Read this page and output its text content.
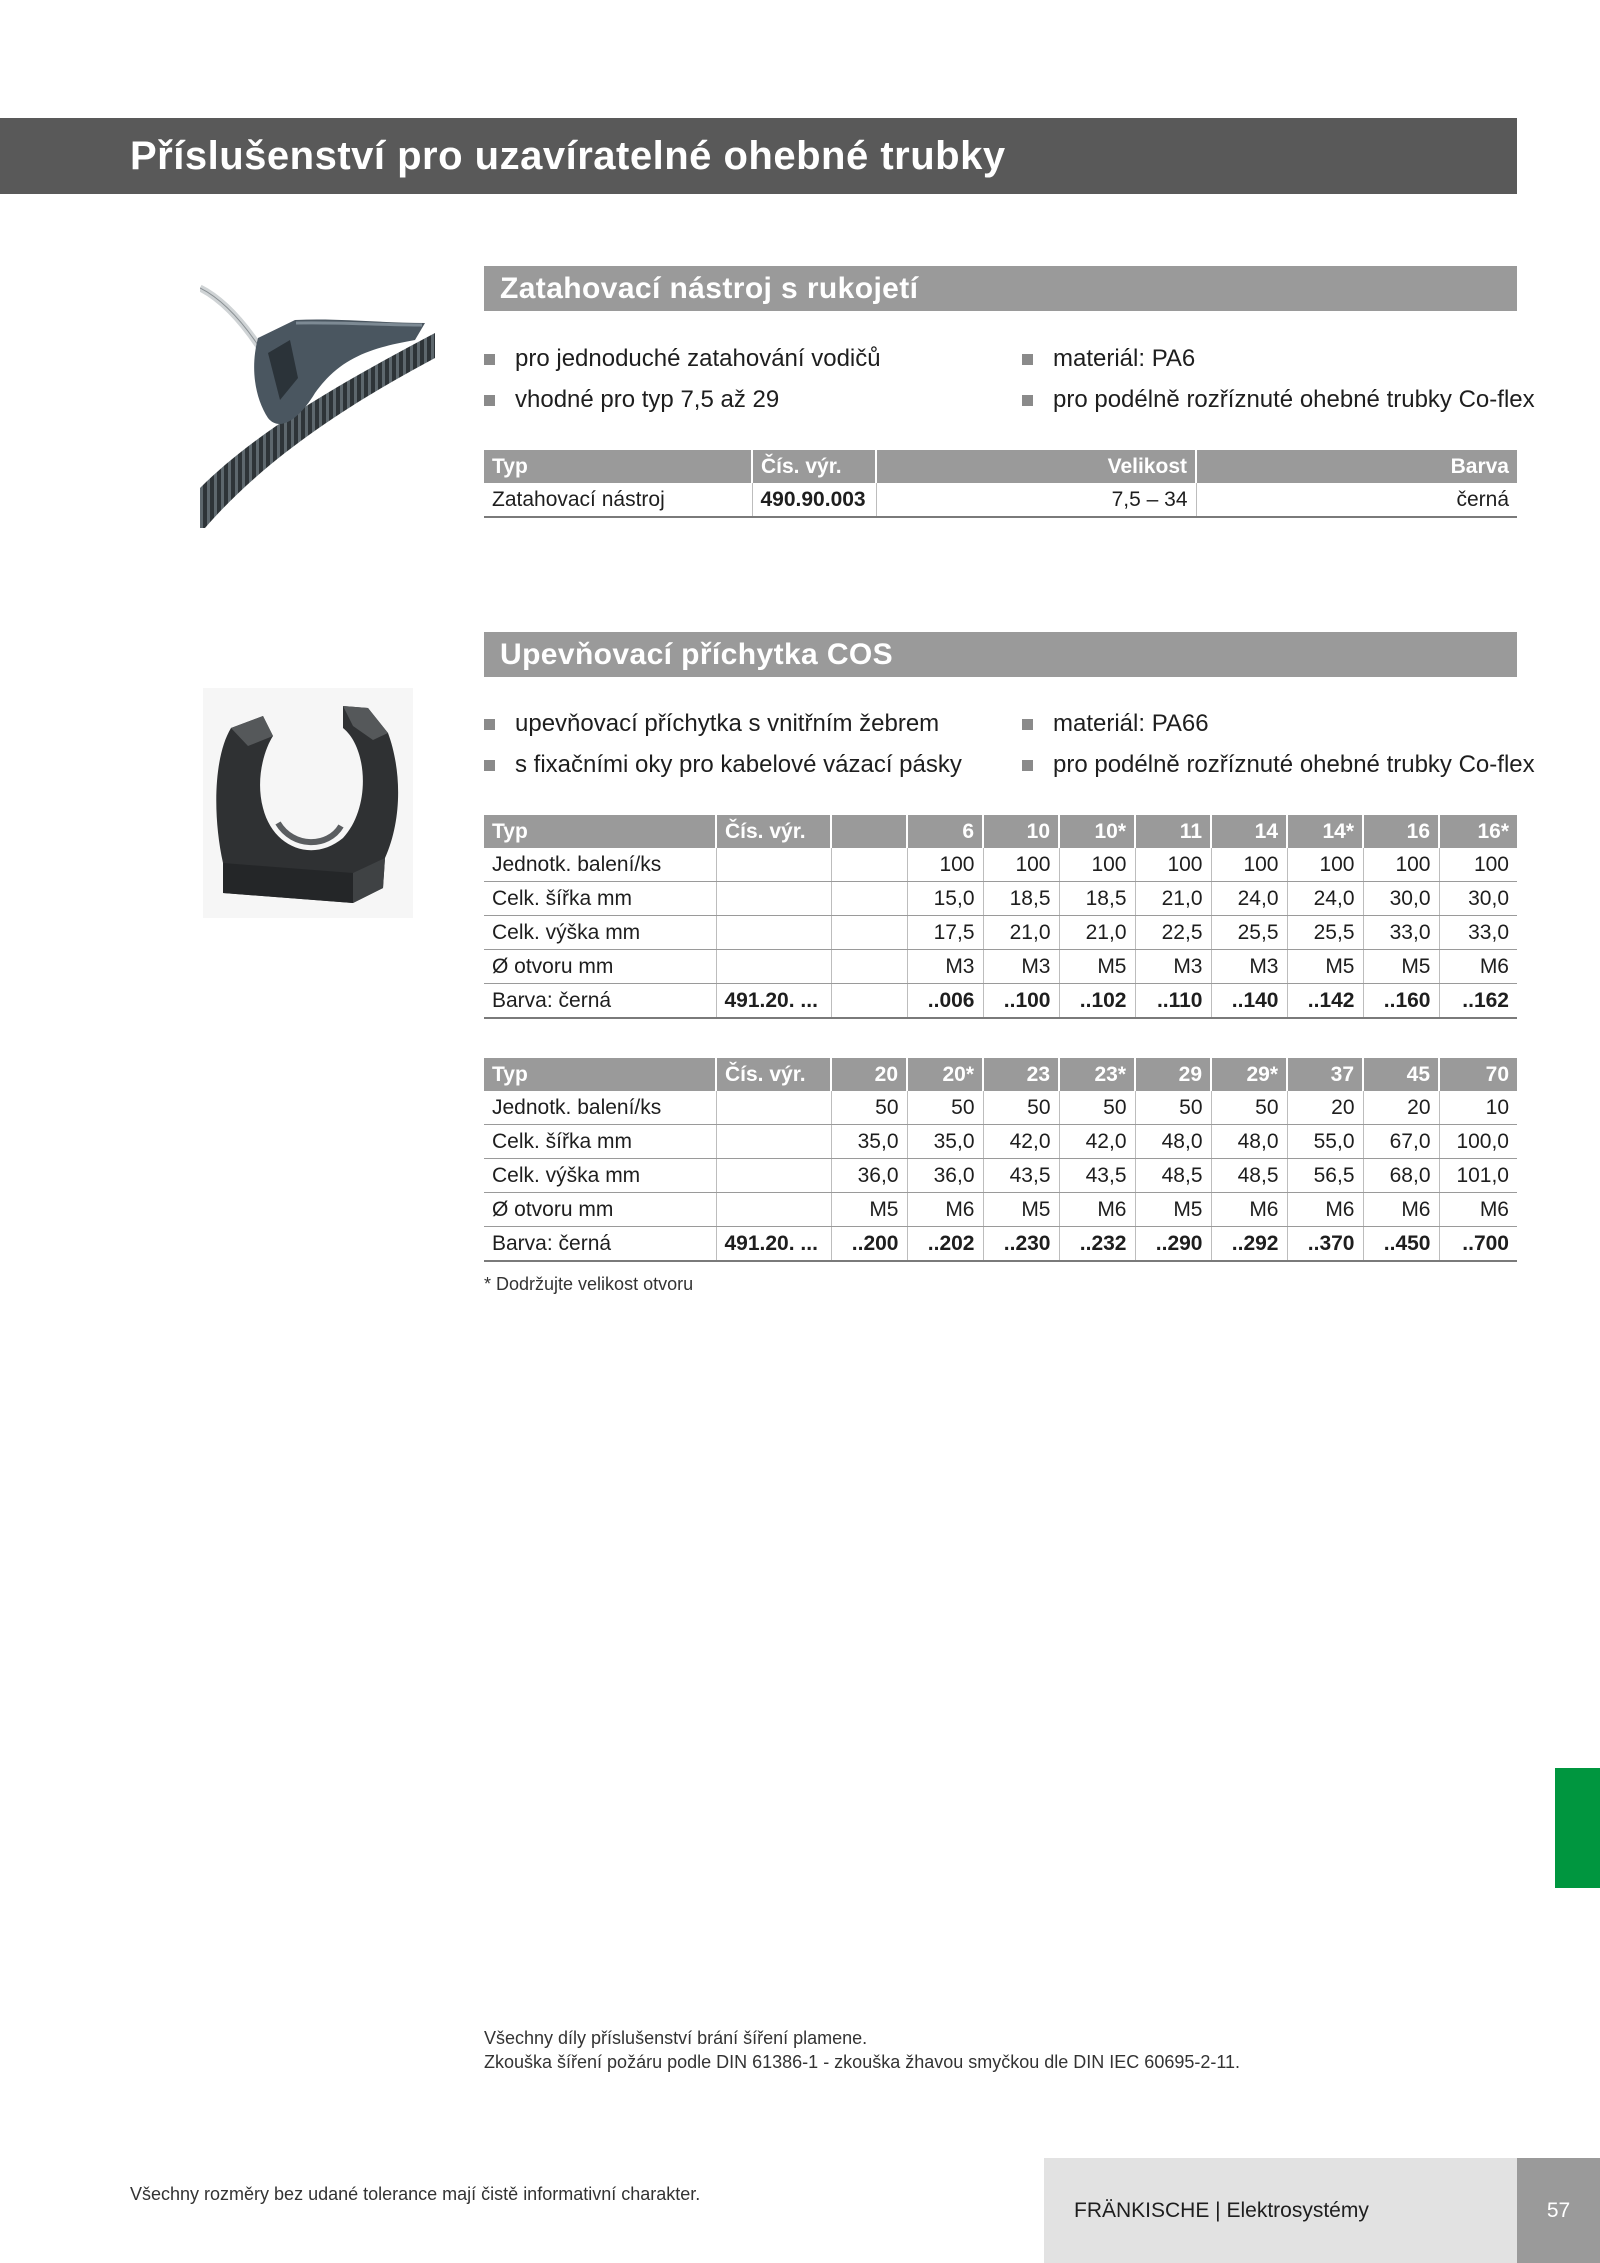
Příslušenství pro uzavíratelné ohebné trubky
Zatahovací nástroj s rukojetí
pro jednoduché zatahování vodičů
vhodné pro typ 7,5 až 29
materiál: PA6
pro podélně rozříznuté ohebné trubky Co-flex
Typ	Čís. výr.	Velikost	Barva
Zatahovací nástroj	490.90.003	7,5 – 34	černá
Upevňovací příchytka COS
upevňovací příchytka s vnitřním žebrem
s fixačními oky pro kabelové vázací pásky
materiál: PA66
pro podélně rozříznuté ohebné trubky Co-flex
Typ	Čís. výr.		6	10	10*	11	14	14*	16	16*
Jednotk. balení/ks			100	100	100	100	100	100	100	100
Celk. šířka mm			15,0	18,5	18,5	21,0	24,0	24,0	30,0	30,0
Celk. výška mm			17,5	21,0	21,0	22,5	25,5	25,5	33,0	33,0
Ø otvoru mm			M3	M3	M5	M3	M3	M5	M5	M6
Barva: černá	491.20. ...		..006	..100	..102	..110	..140	..142	..160	..162
Typ	Čís. výr.	20	20*	23	23*	29	29*	37	45	70
Jednotk. balení/ks		50	50	50	50	50	50	20	20	10
Celk. šířka mm		35,0	35,0	42,0	42,0	48,0	48,0	55,0	67,0	100,0
Celk. výška mm		36,0	36,0	43,5	43,5	48,5	48,5	56,5	68,0	101,0
Ø otvoru mm		M5	M6	M5	M6	M5	M6	M6	M6	M6
Barva: černá	491.20. ...	..200	..202	..230	..232	..290	..292	..370	..450	..700
* Dodržujte velikost otvoru
Všechny díly příslušenství brání šíření plamene.
Zkouška šíření požáru podle DIN 61386-1 - zkouška žhavou smyčkou dle DIN IEC 60695-2-11.
Všechny rozměry bez udané tolerance mají čistě informativní charakter.
FRÄNKISCHE | Elektrosystémy	57
